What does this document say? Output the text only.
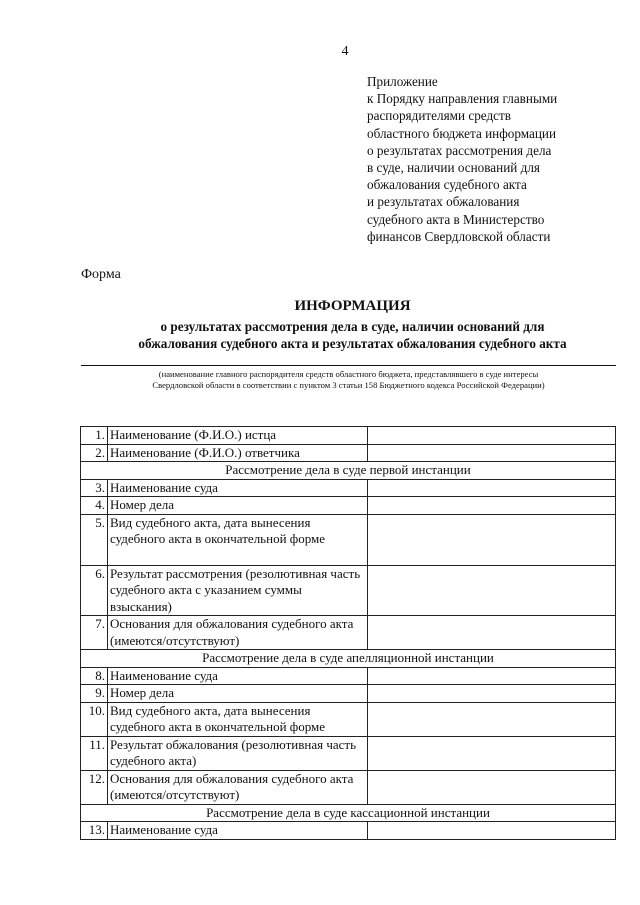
4
Приложение
к Порядку направления главными
распорядителями средств
областного бюджета информации
о результатах рассмотрения дела
в суде, наличии оснований для
обжалования судебного акта
и результатах обжалования
судебного акта в Министерство
финансов Свердловской области
Форма
ИНФОРМАЦИЯ
о результатах рассмотрения дела в суде, наличии оснований для
обжалования судебного акта и результатах обжалования судебного акта
(наименование главного распорядителя средств областного бюджета, представлявшего в суде интересы
Свердловской области в соответствии с пунктом 3 статьи 158 Бюджетного кодекса Российской Федерации)
1.	Наименование (Ф.И.О.) истца	
2.	Наименование (Ф.И.О.) ответчика	
Рассмотрение дела в суде первой инстанции		
3.	Наименование суда	
4.	Номер дела	
5.	Вид судебного акта, дата вынесения судебного акта в окончательной форме	
6.	Результат рассмотрения (резолютивная часть судебного акта с указанием суммы взыскания)	
7.	Основания для обжалования судебного акта (имеются/отсутствуют)	
Рассмотрение дела в суде апелляционной инстанции		
8.	Наименование суда	
9.	Номер дела	
10.	Вид судебного акта, дата вынесения судебного акта в окончательной форме	
11.	Результат обжалования (резолютивная часть судебного акта)	
12.	Основания для обжалования судебного акта (имеются/отсутствуют)	
Рассмотрение дела в суде кассационной инстанции		
13.	Наименование суда	
